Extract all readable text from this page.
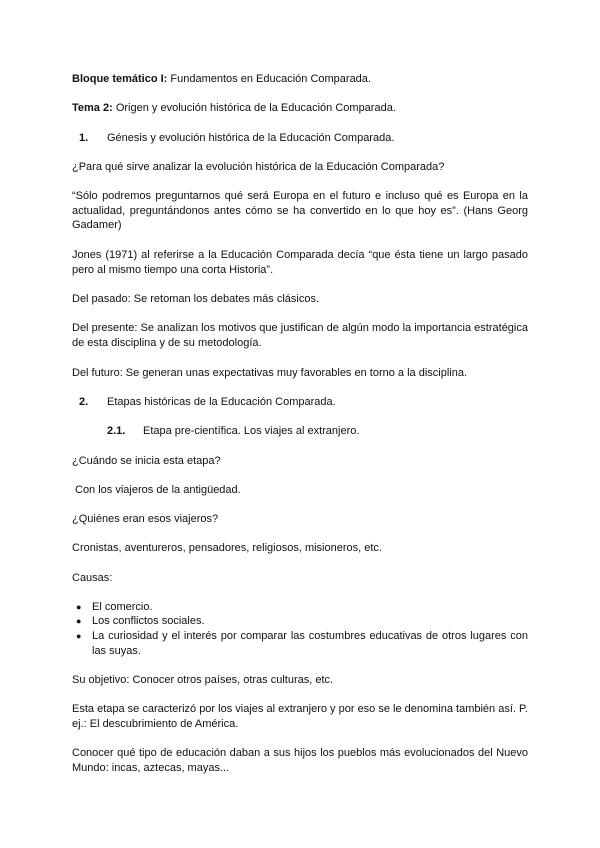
Bloque temático I: Fundamentos en Educación Comparada.

Tema 2: Origen y evolución histórica de la Educación Comparada.

1. Génesis y evolución histórica de la Educación Comparada.

¿Para qué sirve analizar la evolución histórica de la Educación Comparada?

“Sólo podremos preguntarnos qué será Europa en el futuro e incluso qué es Europa en la actualidad, preguntándonos antes cómo se ha convertido en lo que hoy es”. (Hans Georg Gadamer)

Jones (1971) al referirse a la Educación Comparada decía “que ésta tiene un largo pasado pero al mismo tiempo una corta Historia”.

Del pasado: Se retoman los debates más clásicos.

Del presente: Se analizan los motivos que justifican de algún modo la importancia estratégica de esta disciplina y de su metodología.

Del futuro: Se generan unas expectativas muy favorables en torno a la disciplina.

2. Etapas históricas de la Educación Comparada.
2.1. Etapa pre-científica. Los viajes al extranjero.

¿Cuándo se inicia esta etapa?

Con los viajeros de la antigüedad.

¿Quiénes eran esos viajeros?

Cronistas, aventureros, pensadores, religiosos, misioneros, etc.

Causas:

● El comercio.
● Los conflictos sociales.
● La curiosidad y el interés por comparar las costumbres educativas de otros lugares con las suyas.

Su objetivo: Conocer otros países, otras culturas, etc.

Esta etapa se caracterizó por los viajes al extranjero y por eso se le denomina también así. P. ej.: El descubrimiento de América.

Conocer qué tipo de educación daban a sus hijos los pueblos más evolucionados del Nuevo Mundo: incas, aztecas, mayas...
